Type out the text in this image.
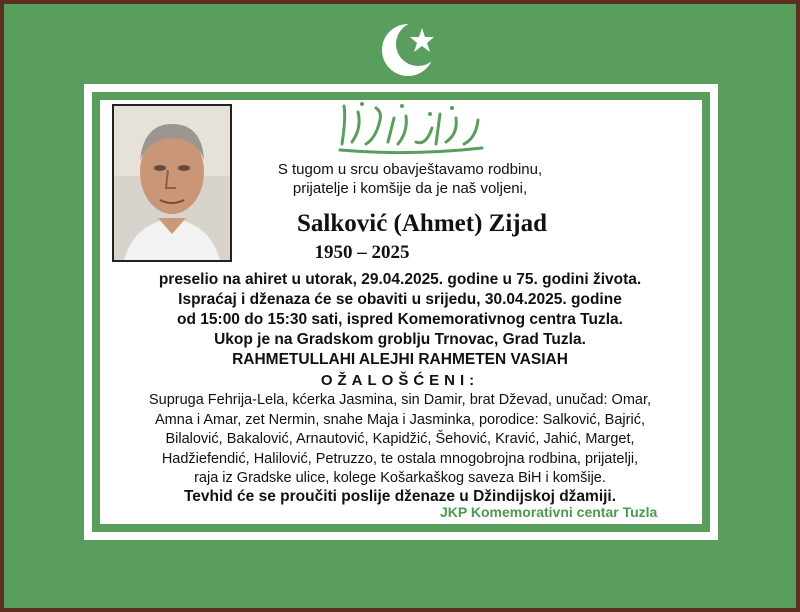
S tugom u srcu obavještavamo rodbinu,
prijatelje i komšije da je naš voljeni,
Salković (Ahmet) Zijad
1950 – 2025
preselio na ahiret u utorak, 29.04.2025. godine u 75. godini života.
Ispraćaj i dženaza će se obaviti u srijedu, 30.04.2025. godine
od 15:00 do 15:30 sati, ispred Komemorativnog centra Tuzla.
Ukop je na Gradskom groblju Trnovac, Grad Tuzla.
RAHMETULLAHI ALEJHI RAHMETEN VASIAH
OŽALOŠĆENI:
Supruga Fehrija-Lela, kćerka Jasmina, sin Damir, brat Dževad, unučad: Omar,
Amna i Amar, zet Nermin, snahe Maja i Jasminka, porodice: Salković, Bajrić,
Bilalović, Bakalović, Arnautović, Kapidžić, Šehović, Kravić, Jahić, Marget,
Hadžiefendić, Halilović, Petruzzo, te ostala mnogobrojna rodbina, prijatelji,
raja iz Gradske ulice, kolege Košarkaškog saveza BiH i komšije.
Tevhid će se proučiti poslije dženaze u Džindijskoj džamiji.
JKP Komemorativni centar Tuzla
